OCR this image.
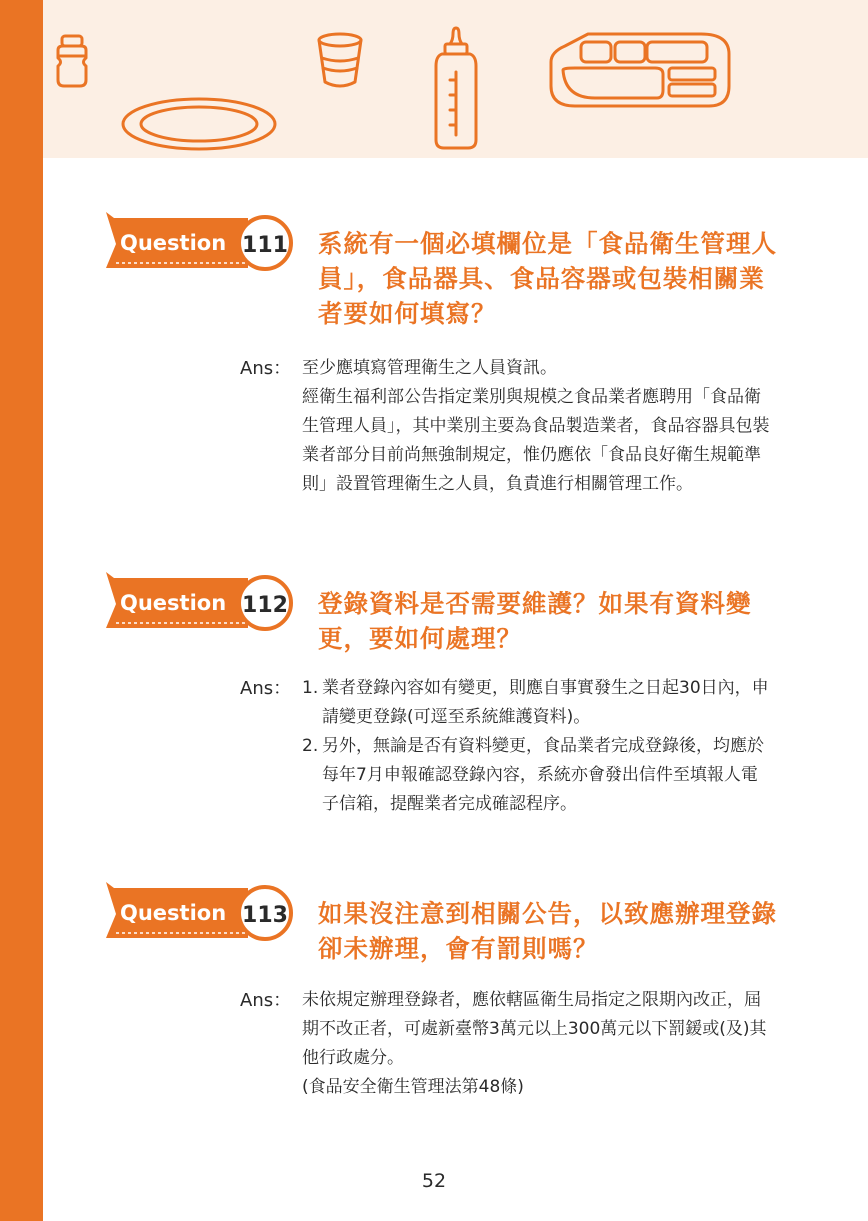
Question 111 系統有一個必填欄位是「食品衛生管理人員」，食品器具、食品容器或包裝相關業者要如何填寫？
Ans： 至少應填寫管理衛生之人員資訊。

經衛生福利部公告指定業別與規模之食品業者應聘用「食品衛生管理人員」，其中業別主要為食品製造業者，食品容器具包裝業者部分目前尚無強制規定，惟仍應依「食品良好衛生規範準則」設置管理衛生之人員，負責進行相關管理工作。

Question 112 登錄資料是否需要維護？如果有資料變更，要如何處理？
Ans： 1. 業者登錄內容如有變更，則應自事實發生之日起30日內，申請變更登錄(可逕至系統維護資料)。
2. 另外，無論是否有資料變更，食品業者完成登錄後，均應於每年7月申報確認登錄內容，系統亦會發出信件至填報人電子信箱，提醒業者完成確認程序。
Question 113 如果沒注意到相關公告，以致應辦理登錄卻未辦理，會有罰則嗎？
Ans： 未依規定辦理登錄者，應依轄區衛生局指定之限期內改正，屆期不改正者，可處新臺幣3萬元以上300萬元以下罰鍰或(及)其他行政處分。

(食品安全衛生管理法第48條)

52
